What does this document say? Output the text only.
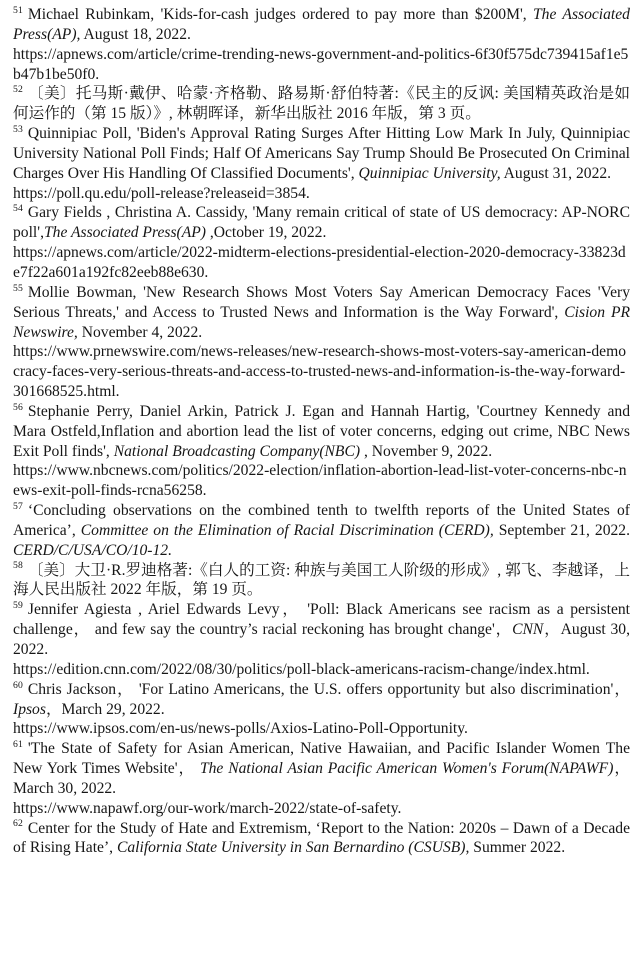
$^{51}$ Michael Rubinkam, 'Kids-for-cash judges ordered to pay more than $200M', The Associated Press(AP), August 18, 2022.
https://apnews.com/article/crime-trending-news-government-and-politics-6f30f575dc739415af1e5b47b1be50f0.

$^{52}$ 〔美〕托马斯·戴伊、哈蒙·齐格勒、路易斯·舒伯特著:《民主的反讽: 美国精英政治是如何运作的（第 15 版）》, 林朝晖译，新华出版社 2016 年版，第 3 页。

$^{53}$ Quinnipiac Poll, 'Biden's Approval Rating Surges After Hitting Low Mark In July, Quinnipiac University National Poll Finds; Half Of Americans Say Trump Should Be Prosecuted On Criminal Charges Over His Handling Of Classified Documents', Quinnipiac University, August 31, 2022.
https://poll.qu.edu/poll-release?releaseid=3854.

$^{54}$ Gary Fields , Christina A. Cassidy, 'Many remain critical of state of US democracy: AP-NORC poll',The Associated Press(AP) ,October 19, 2022.
https://apnews.com/article/2022-midterm-elections-presidential-election-2020-democracy-33823de7f22a601a192fc82eeb88e630.

$^{55}$ Mollie Bowman, 'New Research Shows Most Voters Say American Democracy Faces 'Very Serious Threats,' and Access to Trusted News and Information is the Way Forward', Cision PR Newswire, November 4, 2022.
https://www.prnewswire.com/news-releases/new-research-shows-most-voters-say-american-democracy-faces-very-serious-threats-and-access-to-trusted-news-and-information-is-the-way-forward-301668525.html.

$^{56}$ Stephanie Perry, Daniel Arkin, Patrick J. Egan and Hannah Hartig, 'Courtney Kennedy and Mara Ostfeld,Inflation and abortion lead the list of voter concerns, edging out crime, NBC News Exit Poll finds', National Broadcasting Company(NBC) , November 9, 2022.
https://www.nbcnews.com/politics/2022-election/inflation-abortion-lead-list-voter-concerns-nbc-news-exit-poll-finds-rcna56258.

$^{57}$ ‘Concluding observations on the combined tenth to twelfth reports of the United States of America’, Committee on the Elimination of Racial Discrimination (CERD), September 21, 2022. CERD/C/USA/CO/10-12.

$^{58}$ 〔美〕大卫·R.罗迪格著:《白人的工资: 种族与美国工人阶级的形成》, 郭飞、李越译，上海人民出版社 2022 年版，第 19 页。

$^{59}$ Jennifer Agiesta , Ariel Edwards Levy， 'Poll: Black Americans see racism as a persistent challenge， and few say the country’s racial reckoning has brought change'，CNN，August 30, 2022.
https://edition.cnn.com/2022/08/30/politics/poll-black-americans-racism-change/index.html.

$^{60}$ Chris Jackson， 'For Latino Americans, the U.S. offers opportunity but also discrimination'，Ipsos，March 29, 2022.
https://www.ipsos.com/en-us/news-polls/Axios-Latino-Poll-Opportunity.

$^{61}$ 'The State of Safety for Asian American, Native Hawaiian, and Pacific Islander Women The New York Times Website'， The National Asian Pacific American Women's Forum(NAPAWF)，March 30, 2022.
https://www.napawf.org/our-work/march-2022/state-of-safety.

$^{62}$ Center for the Study of Hate and Extremism, ‘Report to the Nation: 2020s – Dawn of a Decade of Rising Hate’, California State University in San Bernardino (CSUSB), Summer 2022.
